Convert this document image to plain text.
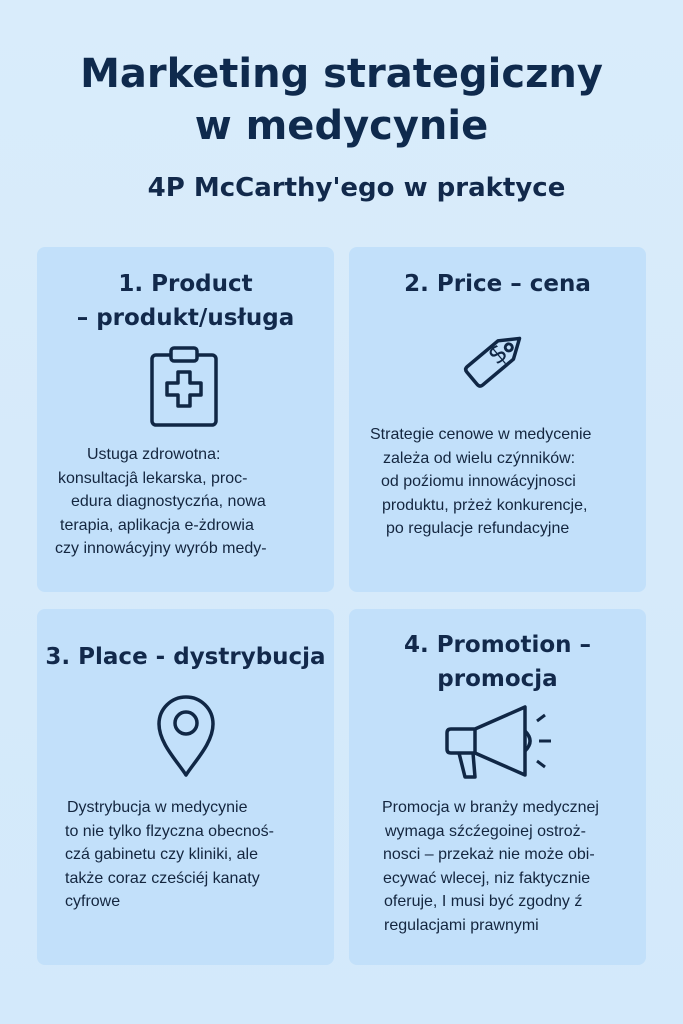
Marketing strategiczny
w medycynie
4P McCarthy'ego w praktyce
1. Product
– produkt/usługa
Ustuga zdrowotna:
konsultacjâ lekarska, proc-
edura diagnostyczńa, nowa
terapia, aplikacja e-żdrowia
czy innowácyjny wyrób medy-
2. Price – cena
$
Strategie cenowe w medycenie
zależa od wielu czýnników:
od poźiomu innowácyjnosci
produktu, prżeż konkurencje,
po regulacje refundacyjne
3. Place - dystrybucja
Dystrybucja w medycynie
to nie tylko flzyczna obecnoś-
czá gabinetu czy kliniki, ale
także coraz cześciéj kanaty
cyfrowe
4. Promotion –
promocja
Promocja w branży medycznej
wymaga sźcźegoinej ostroż-
nosci – przekaż nie może obi-
ecywać wlecej, niz faktycznie
oferuje, I musi być zgodny ź
regulacjami prawnymi
